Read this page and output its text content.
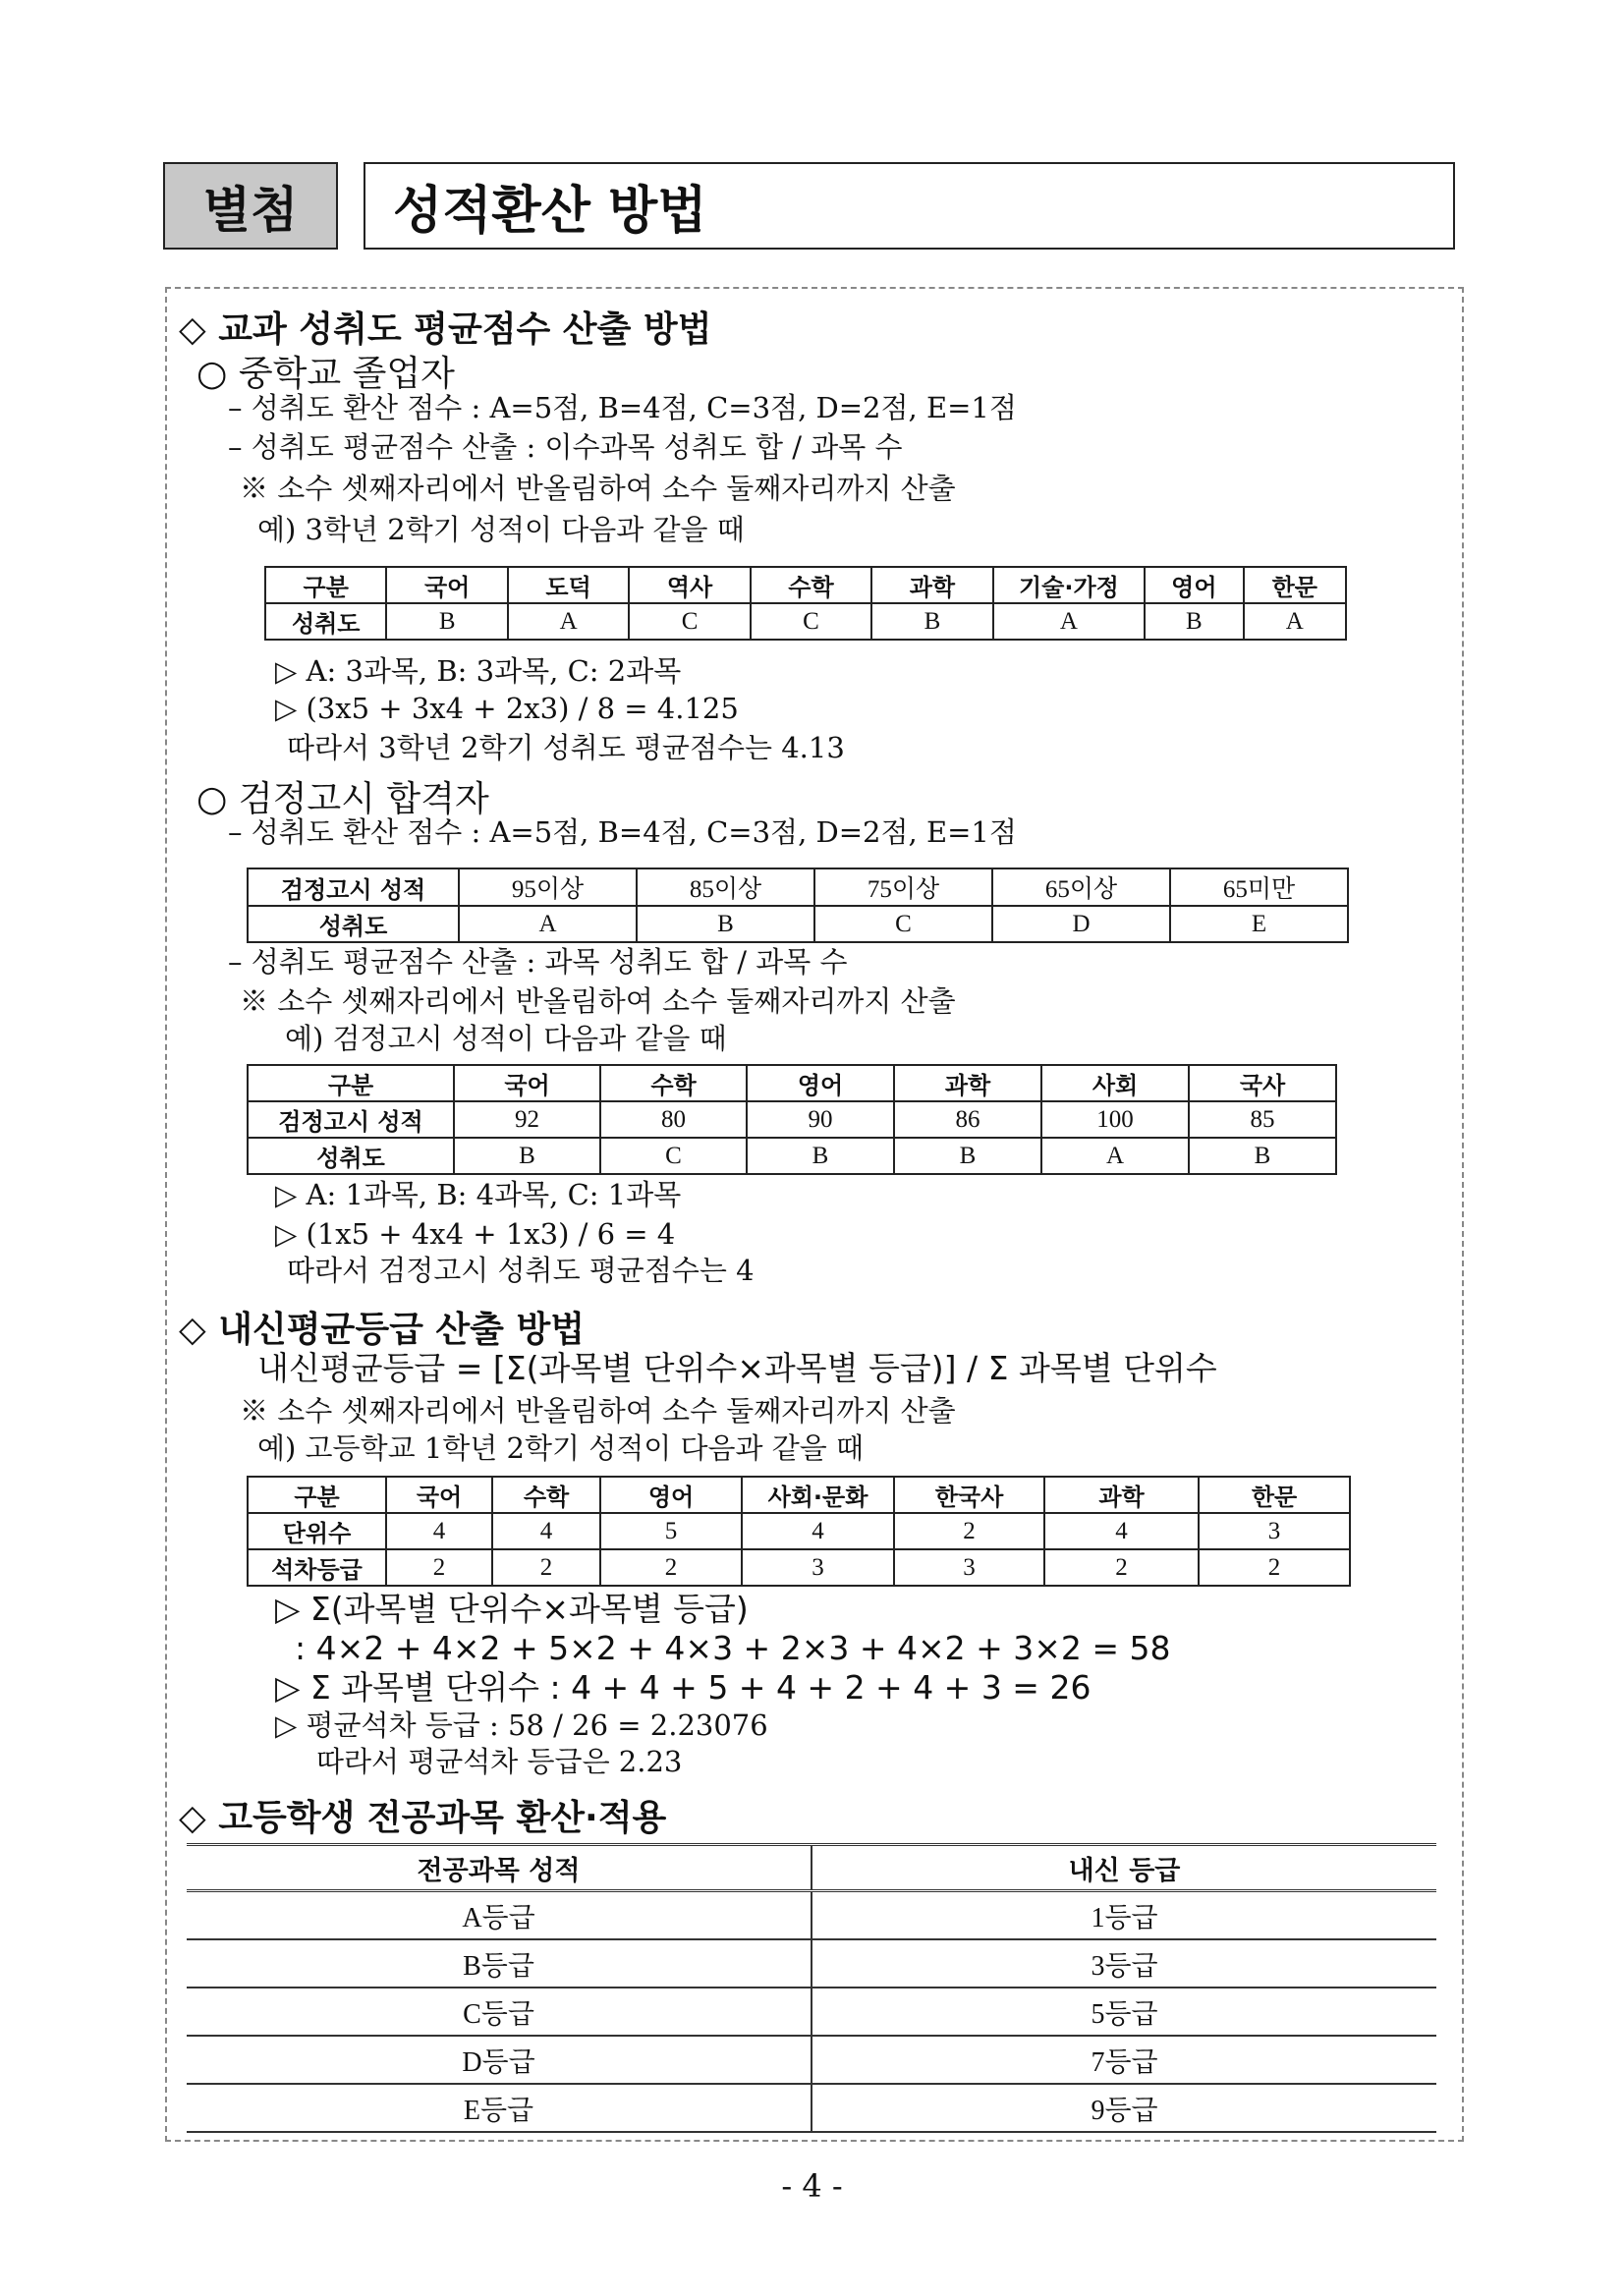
별첨	성적환산 방법
◇ 교과 성취도 평균점수 산출 방법
○ 중학교 졸업자
– 성취도 환산 점수 : A=5점, B=4점, C=3점, D=2점, E=1점
– 성취도 평균점수 산출 : 이수과목 성취도 합 / 과목 수
※ 소수 셋째자리에서 반올림하여 소수 둘째자리까지 산출
예) 3학년 2학기 성적이 다음과 같을 때
구분	국어	도덕	역사	수학	과학	기술·가정	영어	한문
성취도	B	A	C	C	B	A	B	A
▷ A: 3과목, B: 3과목, C: 2과목
▷ (3x5 + 3x4 + 2x3) / 8 = 4.125
따라서 3학년 2학기 성취도 평균점수는 4.13
○ 검정고시 합격자
– 성취도 환산 점수 : A=5점, B=4점, C=3점, D=2점, E=1점
검정고시 성적	95이상	85이상	75이상	65이상	65미만
성취도	A	B	C	D	E
– 성취도 평균점수 산출 : 과목 성취도 합 / 과목 수
※ 소수 셋째자리에서 반올림하여 소수 둘째자리까지 산출
예) 검정고시 성적이 다음과 같을 때
구분	국어	수학	영어	과학	사회	국사
검정고시 성적	92	80	90	86	100	85
성취도	B	C	B	B	A	B
▷ A: 1과목, B: 4과목, C: 1과목
▷ (1x5 + 4x4 + 1x3) / 6 = 4
따라서 검정고시 성취도 평균점수는 4
◇ 내신평균등급 산출 방법
내신평균등급 = [Σ(과목별 단위수×과목별 등급)] / Σ 과목별 단위수
※ 소수 셋째자리에서 반올림하여 소수 둘째자리까지 산출
예) 고등학교 1학년 2학기 성적이 다음과 같을 때
구분	국어	수학	영어	사회·문화	한국사	과학	한문
단위수	4	4	5	4	2	4	3
석차등급	2	2	2	3	3	2	2
▷ Σ(과목별 단위수×과목별 등급)
: 4×2 + 4×2 + 5×2 + 4×3 + 2×3 + 4×2 + 3×2 = 58
▷ Σ 과목별 단위수 : 4 + 4 + 5 + 4 + 2 + 4 + 3 = 26
▷ 평균석차 등급 : 58 / 26 = 2.23076
따라서 평균석차 등급은 2.23
◇ 고등학생 전공과목 환산·적용
전공과목 성적	내신 등급
A등급	1등급
B등급	3등급
C등급	5등급
D등급	7등급
E등급	9등급
- 4 -
